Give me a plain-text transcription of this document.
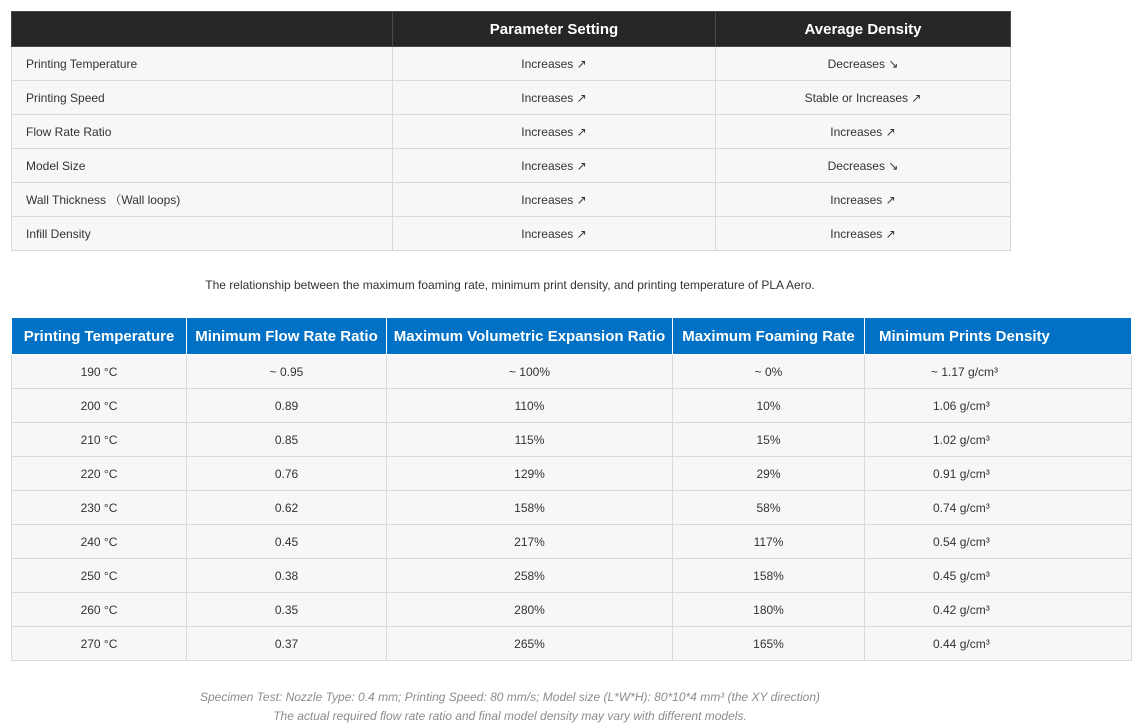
	Parameter Setting	Average Density
Printing Temperature	Increases ↗	Decreases ↘
Printing Speed	Increases ↗	Stable or Increases ↗
Flow Rate Ratio	Increases ↗	Increases ↗
Model Size	Increases ↗	Decreases ↘
Wall Thickness （Wall loops)	Increases ↗	Increases ↗
Infill Density	Increases ↗	Increases ↗
The relationship between the maximum foaming rate, minimum print density, and printing temperature of PLA Aero.
Printing Temperature	Minimum Flow Rate Ratio	Maximum Volumetric Expansion Ratio	Maximum Foaming Rate	Minimum Prints Density
190 °C	~ 0.95	~ 100%	~ 0%	~ 1.17 g/cm³
200 °C	0.89	110%	10%	1.06 g/cm³
210 °C	0.85	115%	15%	1.02 g/cm³
220 °C	0.76	129%	29%	0.91 g/cm³
230 °C	0.62	158%	58%	0.74 g/cm³
240 °C	0.45	217%	117%	0.54 g/cm³
250 °C	0.38	258%	158%	0.45 g/cm³
260 °C	0.35	280%	180%	0.42 g/cm³
270 °C	0.37	265%	165%	0.44 g/cm³
Specimen Test: Nozzle Type: 0.4 mm; Printing Speed: 80 mm/s; Model size (L*W*H): 80*10*4 mm³ (the XY direction)
The actual required flow rate ratio and final model density may vary with different models.
